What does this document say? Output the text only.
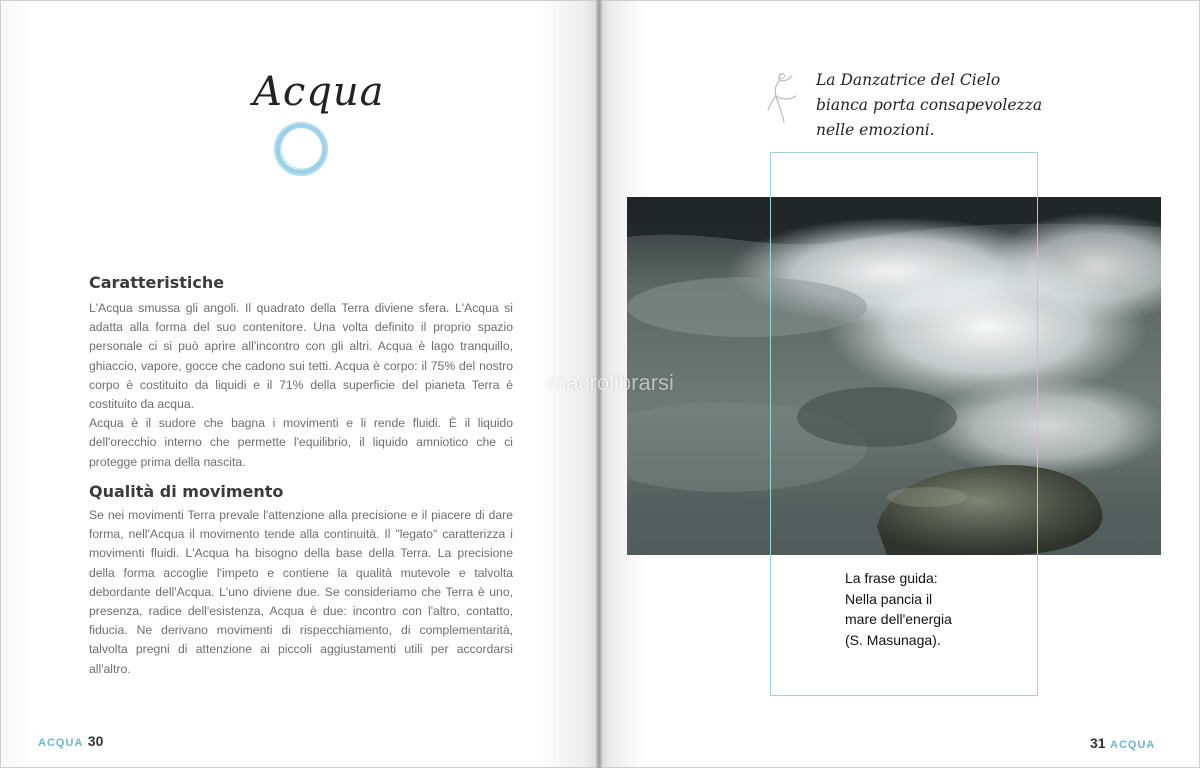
Acqua
Caratteristiche

L'Acqua smussa gli angoli. Il quadrato della Terra diviene sfera. L'Acqua si adatta alla forma del suo contenitore. Una volta definito il proprio spazio personale ci si può aprire all'incontro con gli altri. Acqua è lago tranquillo, ghiaccio, vapore, gocce che cadono sui tetti. Acqua è corpo: il 75% del nostro corpo è costituito da liquidi e il 71% della superficie del pianeta Terra è costituito da acqua.

Acqua è il sudore che bagna i movimenti e li rende fluidi. È il liquido dell'orecchio interno che permette l'equilibrio, il liquido amniotico che ci protegge prima della nascita.

Qualità di movimento

Se nei movimenti Terra prevale l'attenzione alla precisione e il piacere di dare forma, nell'Acqua il movimento tende alla continuità. Il "legato" caratterizza i movimenti fluidi. L'Acqua ha bisogno della base della Terra. La precisione della forma accoglie l'impeto e contiene la qualità mutevole e talvolta debordante dell'Acqua. L'uno diviene due. Se consideriamo che Terra è uno, presenza, radice dell'esistenza, Acqua è due: incontro con l'altro, contatto, fiducia. Ne derivano movimenti di rispecchiamento, di complementarità, talvolta pregni di attenzione ai piccoli aggiustamenti utili per accordarsi all'altro.

ACQUA 30
La Danzatrice del Cielo bianca porta consapevolezza nelle emozioni.
La frase guida:
Nella pancia il
mare dell'energia
(S. Masunaga).
31 ACQUA
macrolibrarsi
